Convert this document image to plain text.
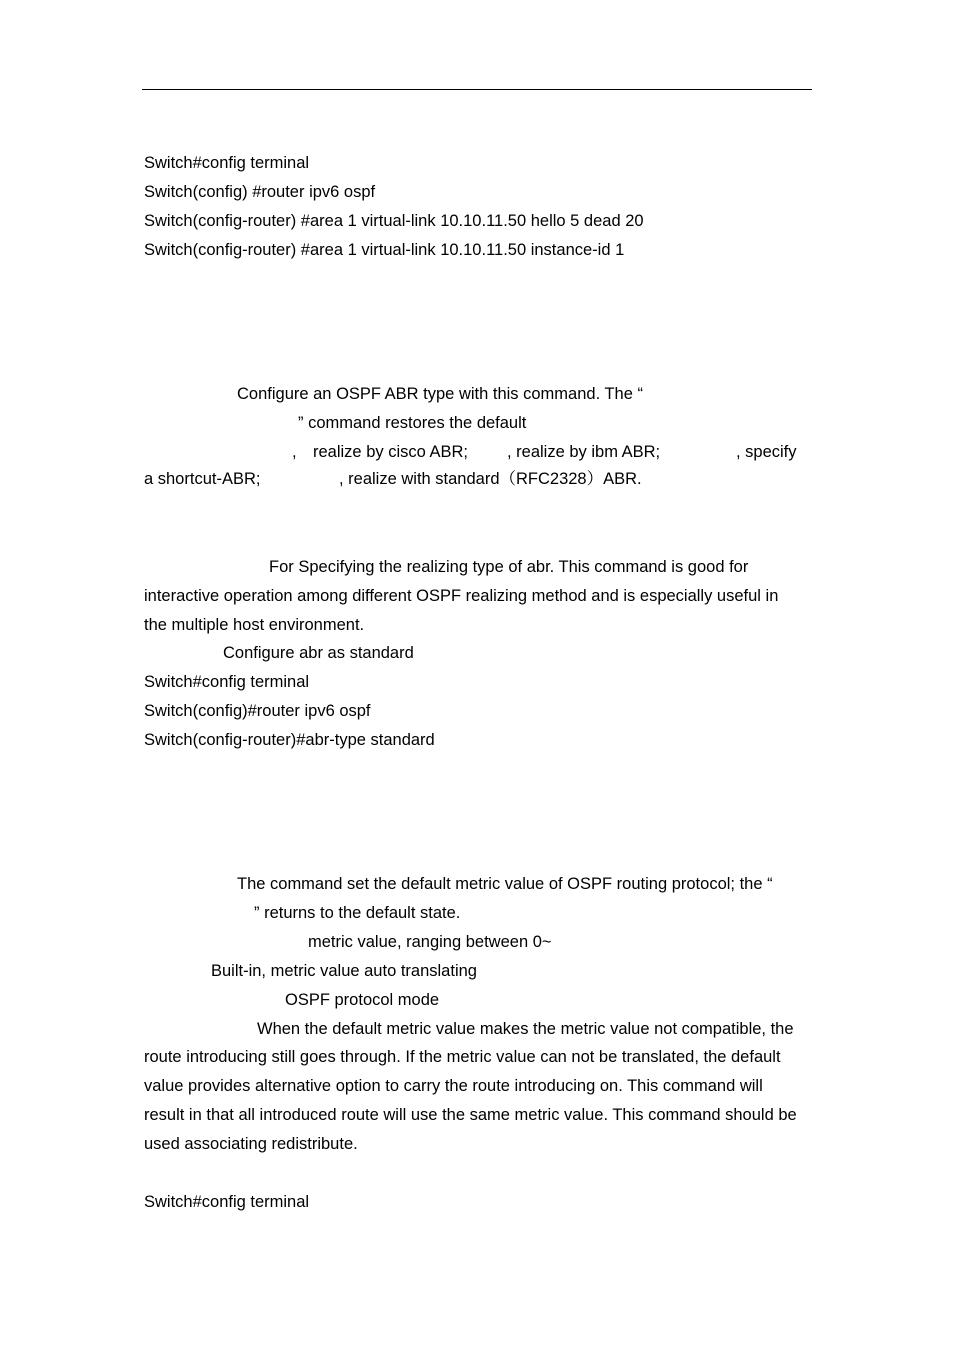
Switch#config terminal
Switch(config) #router ipv6 ospf
Switch(config-router) #area 1 virtual-link 10.10.11.50 hello 5 dead 20
Switch(config-router) #area 1 virtual-link 10.10.11.50 instance-id 1
Configure an OSPF ABR type with this command. The “
” command restores the default
, realize by cisco ABR; , realize by ibm ABR;	, specify
a shortcut-ABR;	, realize with standard（RFC2328）ABR.
For Specifying the realizing type of abr. This command is good for
interactive operation among different OSPF realizing method and is especially useful in
the multiple host environment.
Configure abr as standard
Switch#config terminal
Switch(config)#router ipv6 ospf
Switch(config-router)#abr-type standard
The command set the default metric value of OSPF routing protocol; the “
” returns to the default state.
metric value, ranging between 0~
Built-in, metric value auto translating
OSPF protocol mode
When the default metric value makes the metric value not compatible, the
route introducing still goes through. If the metric value can not be translated, the default
value provides alternative option to carry the route introducing on. This command will
result in that all introduced route will use the same metric value. This command should be
used associating redistribute.
Switch#config terminal
